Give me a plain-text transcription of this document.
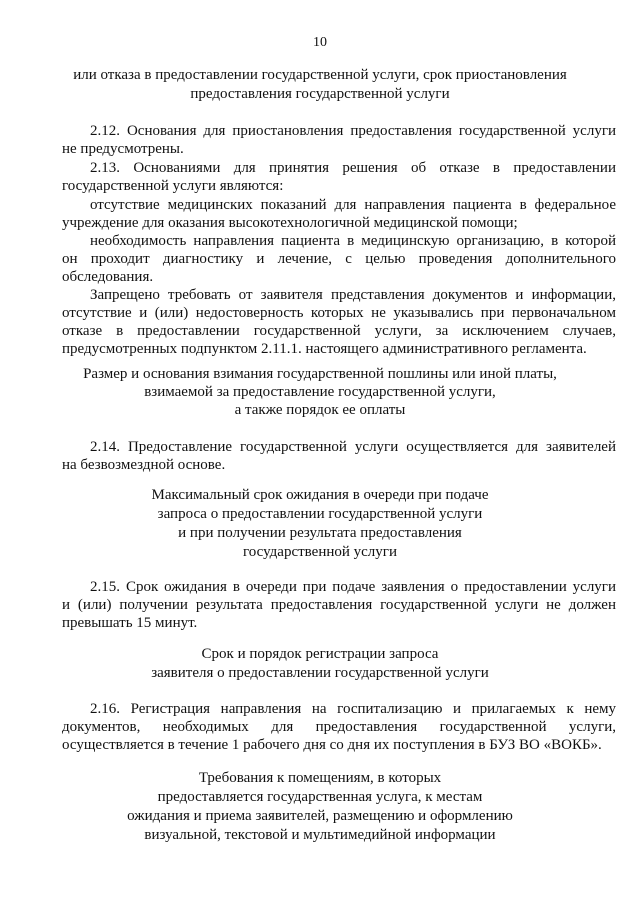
10
или отказа в предоставлении государственной услуги, срок приостановления
предоставления государственной услуги
2.12. Основания для приостановления предоставления государственной услуги
не предусмотрены.
2.13. Основаниями для принятия решения об отказе в предоставлении
государственной услуги являются:
отсутствие медицинских показаний для направления пациента в федеральное
учреждение для оказания высокотехнологичной медицинской помощи;
необходимость направления пациента в медицинскую организацию, в которой
он проходит диагностику и лечение, с целью проведения дополнительного
обследования.
Запрещено требовать от заявителя представления документов и информации,
отсутствие и (или) недостоверность которых не указывались при первоначальном
отказе в предоставлении государственной услуги, за исключением случаев,
предусмотренных подпунктом 2.11.1. настоящего административного регламента.
Размер и основания взимания государственной пошлины или иной платы,
взимаемой за предоставление государственной услуги,
а также порядок ее оплаты
2.14. Предоставление государственной услуги осуществляется для заявителей
на безвозмездной основе.
Максимальный срок ожидания в очереди при подаче
запроса о предоставлении государственной услуги
и при получении результата предоставления
государственной услуги
2.15. Срок ожидания в очереди при подаче заявления о предоставлении услуги
и (или) получении результата предоставления государственной услуги не должен
превышать 15 минут.
Срок и порядок регистрации запроса
заявителя о предоставлении государственной услуги
2.16. Регистрация направления на госпитализацию и прилагаемых к нему
документов, необходимых для предоставления государственной услуги,
осуществляется в течение 1 рабочего дня со дня их поступления в БУЗ ВО «ВОКБ».
Требования к помещениям, в которых
предоставляется государственная услуга, к местам
ожидания и приема заявителей, размещению и оформлению
визуальной, текстовой и мультимедийной информации
